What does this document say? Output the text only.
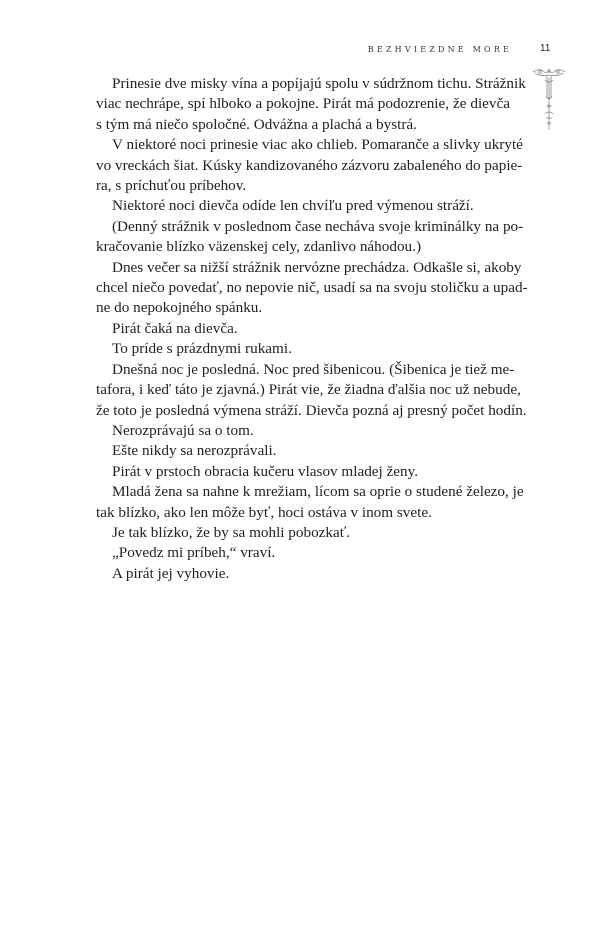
BEZHVIEZDNE MORE	11
Prinesie dve misky vína a popíjajú spolu v súdržnom tichu. Strážnik
viac nechrápe, spí hlboko a pokojne. Pirát má podozrenie, že dievča
s tým má niečo spoločné. Odvážna a plachá a bystrá.
V niektoré noci prinesie viac ako chlieb. Pomaranče a slivky ukryté
vo vreckách šiat. Kúsky kandizovaného zázvoru zabaleného do papie-
ra, s príchuťou príbehov.
Niektoré noci dievča odíde len chvíľu pred výmenou stráží.
(Denný strážnik v poslednom čase necháva svoje kriminálky na po-
kračovanie blízko väzenskej cely, zdanlivo náhodou.)
Dnes večer sa nižší strážnik nervózne prechádza. Odkašle si, akoby
chcel niečo povedať, no nepovie nič, usadí sa na svoju stoličku a upad-
ne do nepokojného spánku.
Pirát čaká na dievča.
To príde s prázdnymi rukami.
Dnešná noc je posledná. Noc pred šibenicou. (Šibenica je tiež me-
tafora, i keď táto je zjavná.) Pirát vie, že žiadna ďalšia noc už nebude,
že toto je posledná výmena stráží. Dievča pozná aj presný počet hodín.
Nerozprávajú sa o tom.
Ešte nikdy sa nerozprávali.
Pirát v prstoch obracia kučeru vlasov mladej ženy.
Mladá žena sa nahne k mrežiam, lícom sa oprie o studené železo, je
tak blízko, ako len môže byť, hoci ostáva v inom svete.
Je tak blízko, že by sa mohli pobozkať.
„Povedz mi príbeh,“ vraví.
A pirát jej vyhovie.
